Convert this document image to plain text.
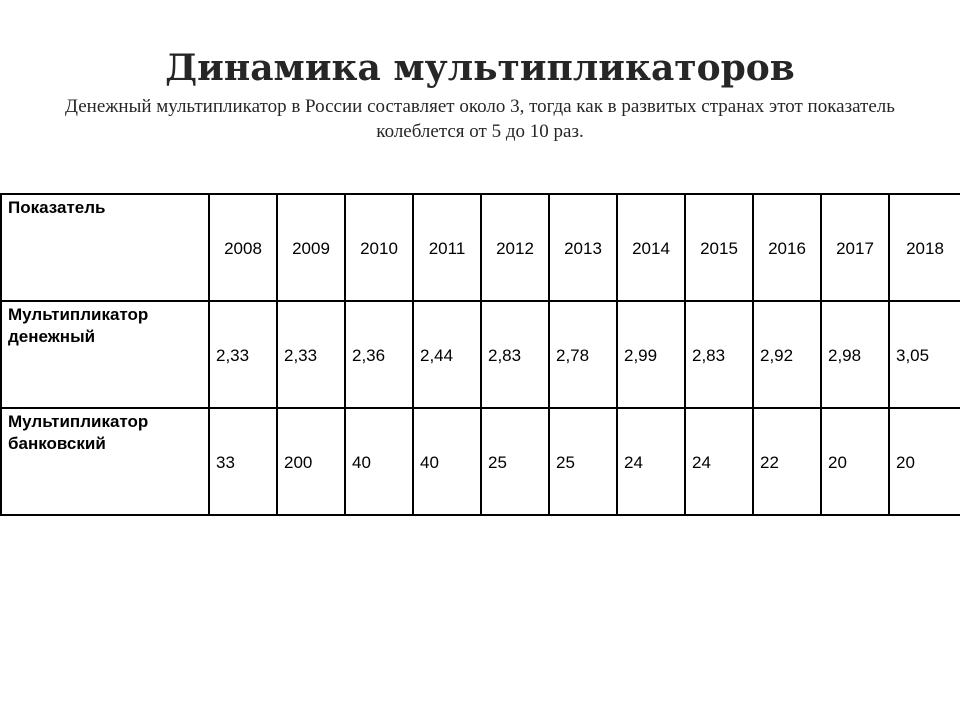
Динамика мультипликаторов

Денежный мультипликатор в России составляет около 3, тогда как в развитых странах этот показатель колеблется от 5 до 10 раз.

Показатель	2008	2009	2010	2011	2012	2013	2014	2015	2016	2017	2018
Мультипликатор
денежный	2,33	2,33	2,36	2,44	2,83	2,78	2,99	2,83	2,92	2,98	3,05
Мультипликатор
банковский	33	200	40	40	25	25	24	24	22	20	20
